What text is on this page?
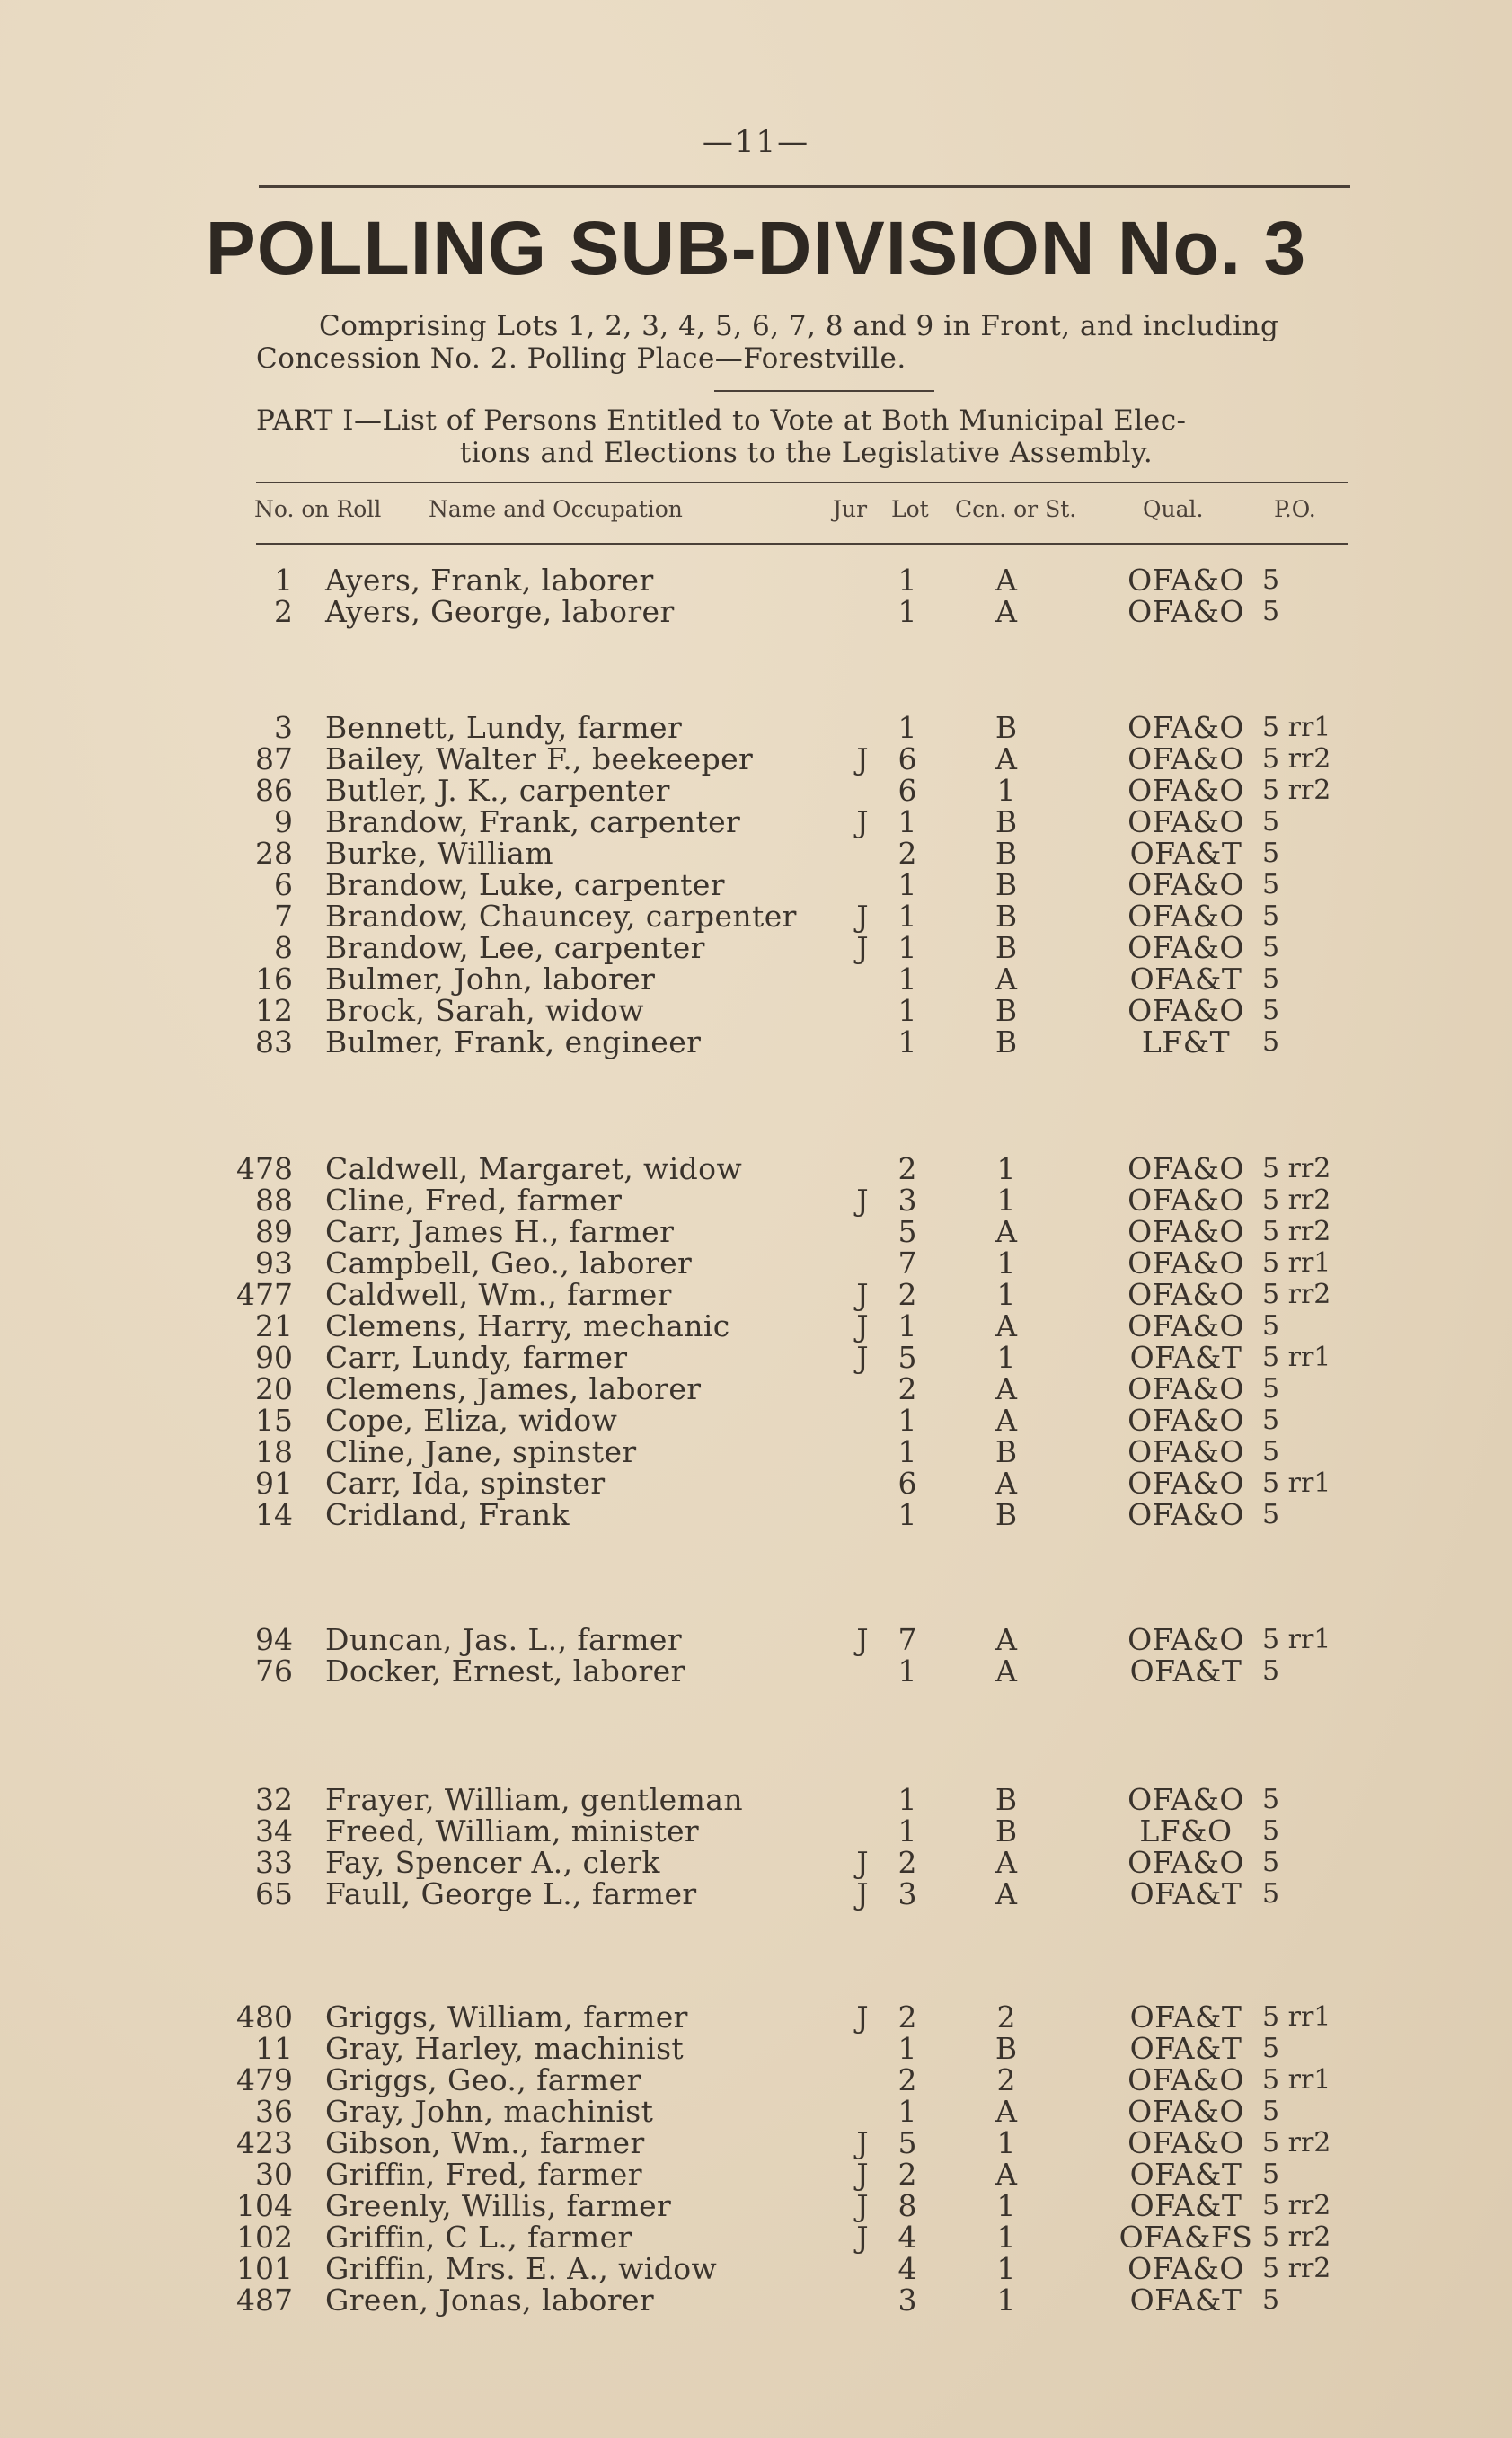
—11—
POLLING SUB-DIVISION No. 3
Comprising Lots 1, 2, 3, 4, 5, 6, 7, 8 and 9 in Front, and including
Concession No. 2. Polling Place—Forestville.
PART I—List of Persons Entitled to Vote at Both Municipal Elec-
tions and Elections to the Legislative Assembly.
No. on Roll Name and Occupation	Jur Lot Ccn. or St.	Qual.	P.O.
1 Ayers, Frank, laborer	1	A	OFA&O 5
2 Ayers, George, laborer	1	A	OFA&O 5
3 Bennett, Lundy, farmer	1	B	OFA&O 5 rr1
87 Bailey, Walter F., beekeeper	J 6	A	OFA&O 5 rr2
86 Butler, J. K., carpenter	6	1	OFA&O 5 rr2
9 Brandow, Frank, carpenter	J 1	B	OFA&O 5
28 Burke, William	2	B	OFA&T 5
6 Brandow, Luke, carpenter	1	B	OFA&O 5
7 Brandow, Chauncey, carpenter J 1	B	OFA&O 5
8 Brandow, Lee, carpenter	J 1	B	OFA&O 5
16 Bulmer, John, laborer	1	A	OFA&T 5
12 Brock, Sarah, widow	1	B	OFA&O 5
83 Bulmer, Frank, engineer	1	B	LF&T	5
478 Caldwell, Margaret, widow	2	1	OFA&O 5 rr2
88 Cline, Fred, farmer	J 3	1	OFA&O 5 rr2
89 Carr, James H., farmer	5	A	OFA&O 5 rr2
93 Campbell, Geo., laborer	7	1	OFA&O 5 rr1
477 Caldwell, Wm., farmer	J 2	1	OFA&O 5 rr2
21 Clemens, Harry, mechanic	J 1	A	OFA&O 5
90 Carr, Lundy, farmer	J 5	1	OFA&T 5 rr1
20 Clemens, James, laborer	2	A	OFA&O 5
15 Cope, Eliza, widow	1	A	OFA&O 5
18 Cline, Jane, spinster	1	B	OFA&O 5
91 Carr, Ida, spinster	6	A	OFA&O 5 rr1
14 Cridland, Frank	1	B	OFA&O 5
94 Duncan, Jas. L., farmer	J 7	A	OFA&O 5 rr1
76 Docker, Ernest, laborer	1	A	OFA&T 5
32 Frayer, William, gentleman	1	B	OFA&O 5
34 Freed, William, minister	1	B	LF&O	5
33 Fay, Spencer A., clerk	J 2	A	OFA&O 5
65 Faull, George L., farmer	J 3	A	OFA&T 5
480 Griggs, William, farmer	J 2	2	OFA&T 5 rr1
11 Gray, Harley, machinist	1	B	OFA&T 5
479 Griggs, Geo., farmer	2	2	OFA&O 5 rr1
36 Gray, John, machinist	1	A	OFA&O 5
423 Gibson, Wm., farmer	J 5	1	OFA&O 5 rr2
30 Griffin, Fred, farmer	J 2	A	OFA&T 5
104 Greenly, Willis, farmer	J 8	1	OFA&T 5 rr2
102 Griffin, C L., farmer	J 4	1	OFA&FS 5 rr2
101 Griffin, Mrs. E. A., widow	4	1	OFA&O 5 rr2
487 Green, Jonas, laborer	3	1	OFA&T 5
